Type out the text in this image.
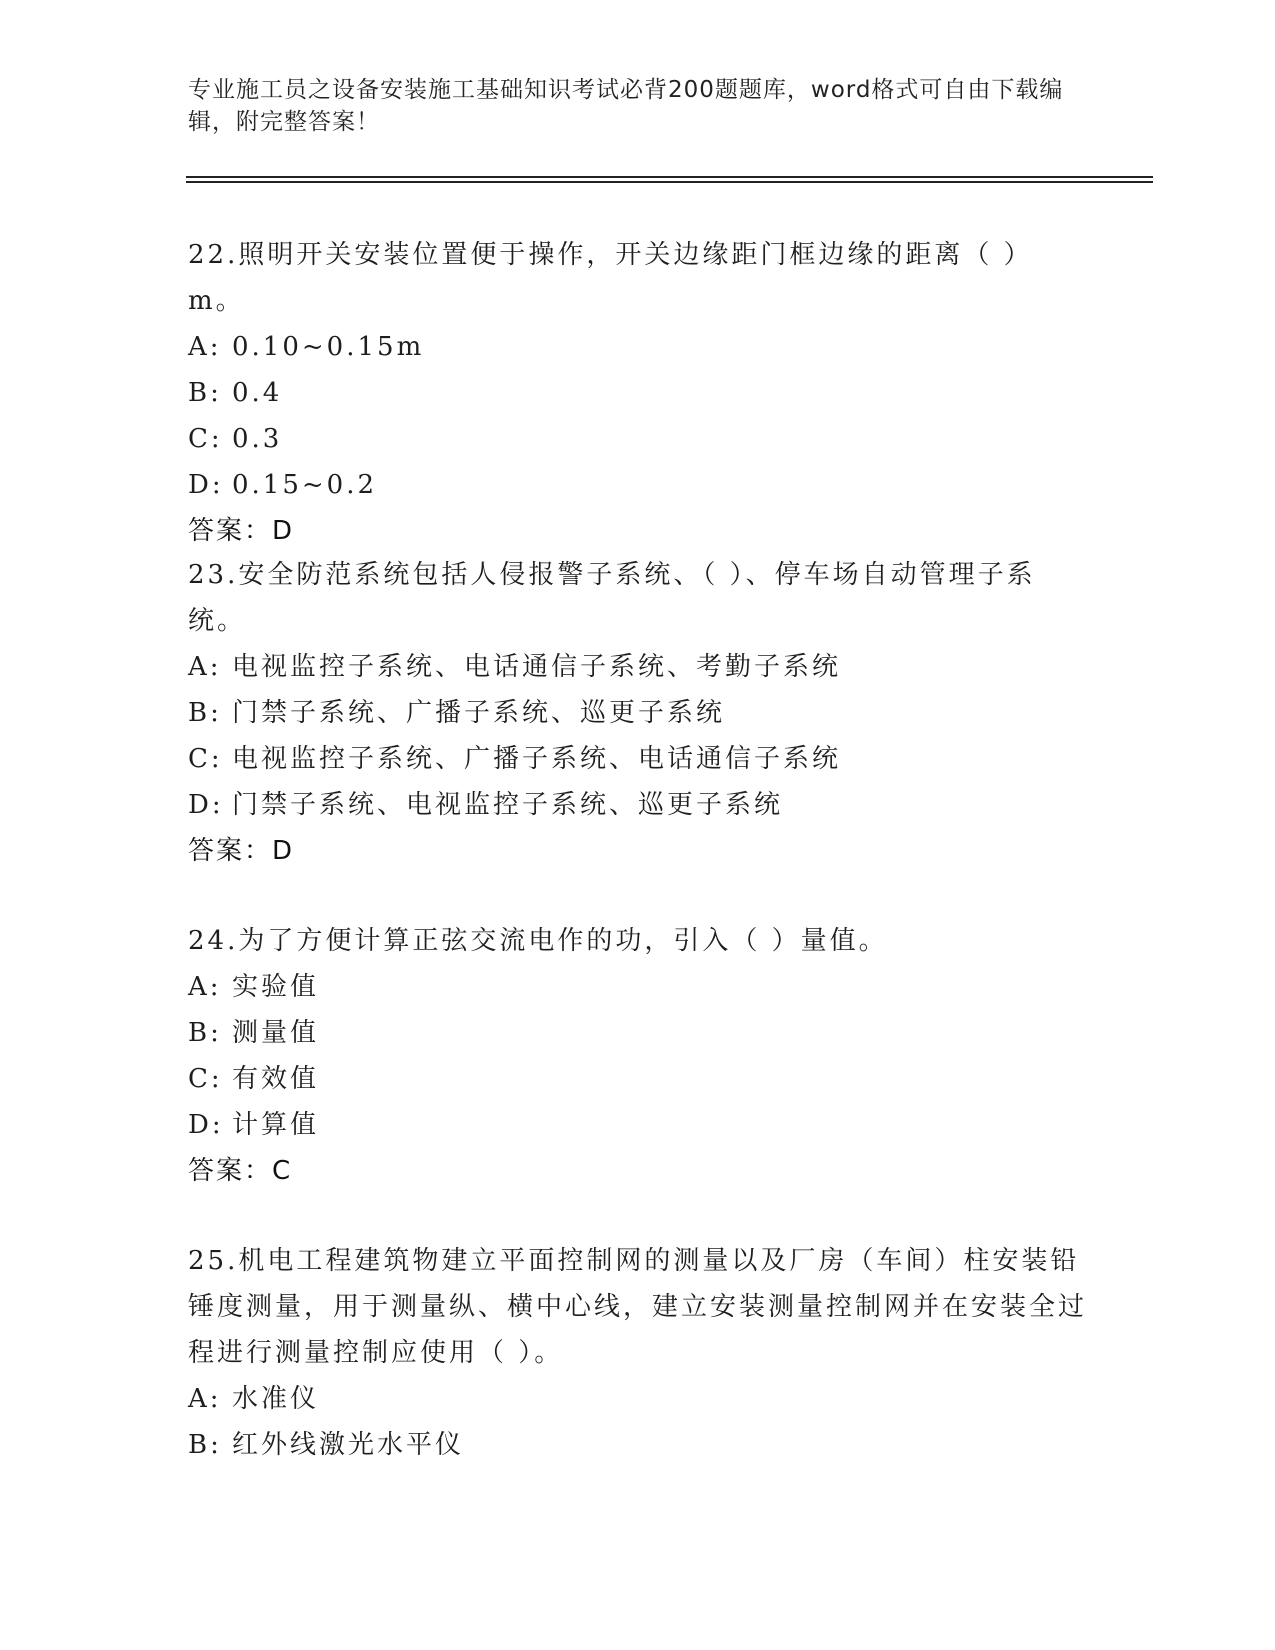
专业施工员之设备安装施工基础知识考试必背200题题库，word格式可自由下载编辑，附完整答案！

22.照明开关安装位置便于操作，开关边缘距门框边缘的距离（ ）m。

A: 0.10~0.15m

B: 0.4

C: 0.3

D: 0.15~0.2

答案：D

23.安全防范系统包括人侵报警子系统、（ ）、停车场自动管理子系统。

A: 电视监控子系统、电话通信子系统、考勤子系统

B: 门禁子系统、广播子系统、巡更子系统

C: 电视监控子系统、广播子系统、电话通信子系统

D: 门禁子系统、电视监控子系统、巡更子系统

答案：D

24.为了方便计算正弦交流电作的功，引入（ ）量值。

A: 实验值

B: 测量值

C: 有效值

D: 计算值

答案：C

25.机电工程建筑物建立平面控制网的测量以及厂房（车间）柱安装铅锤度测量，用于测量纵、横中心线，建立安装测量控制网并在安装全过程进行测量控制应使用（ ）。

A: 水准仪

B: 红外线激光水平仪
